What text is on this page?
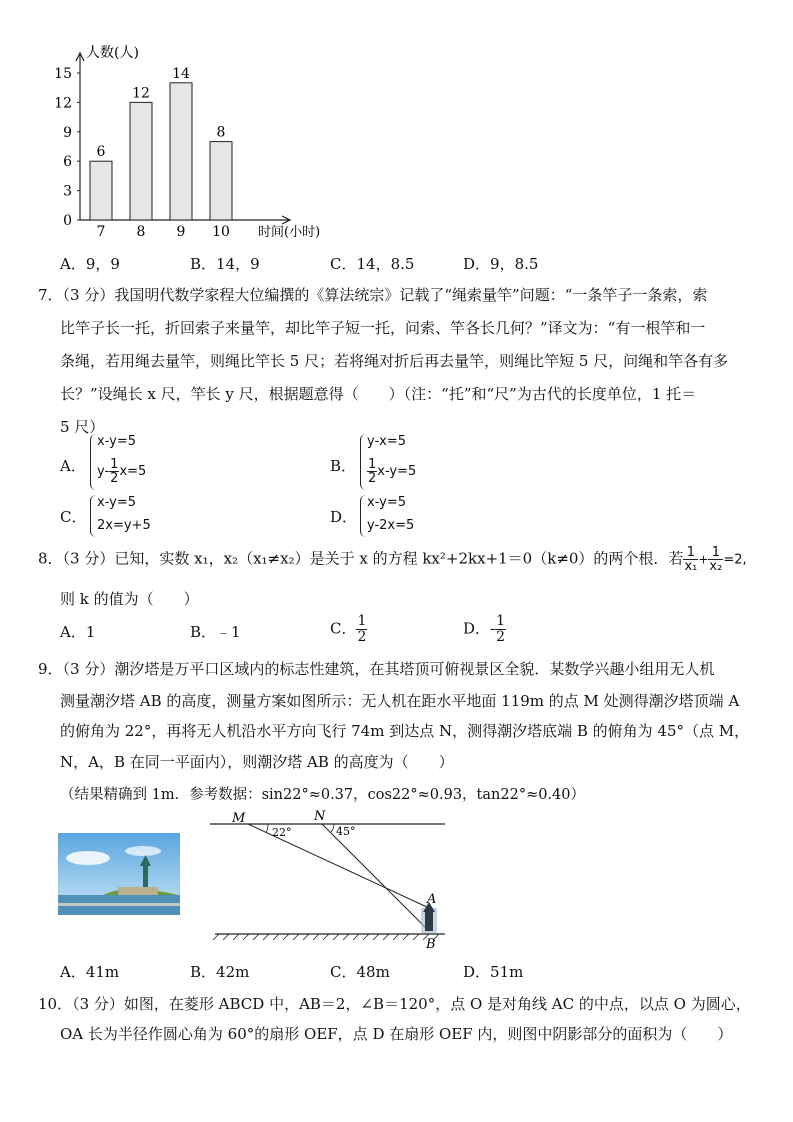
人数(人)
时间(小时)
0
3
6
9
12
15
6
7
12
8
14
9
8
10
A．9，9	B．14，9	C．14，8.5	D．9，8.5
7．（3 分）我国明代数学家程大位编撰的《算法统宗》记载了“绳索量竿”问题：“一条竿子一条索，索
比竿子长一托，折回索子来量竿，却比竿子短一托，问索、竿各长几何？”译文为：“有一根竿和一
条绳，若用绳去量竿，则绳比竿长 5 尺；若将绳对折后再去量竿，则绳比竿短 5 尺，问绳和竿各有多
长？”设绳长 x 尺，竿长 y 尺，根据题意得（　　）（注：“托”和“尺”为古代的长度单位，1 托＝
5 尺）
A．
x-y=5
$y- \frac{1}{2} x=5$	B．
y-x=5
$\frac{1}{2} x-y=5$
C．
x-y=5
2x=y+5	D．
x-y=5
y-2x=5
8．（3 分）已知，实数 x₁，x₂（x₁≠x₂）是关于 x 的方程 kx²+2kx+1＝0（k≠0）的两个根．若 $\frac{1}{\text{x₁}} + \frac{1}{\text{x₂}} =2$,
则 k 的值为（　　）
A．1	B．﹣1	C． $\frac{1}{2}$	D．- $\frac{1}{2}$
9．（3 分）潮汐塔是万平口区域内的标志性建筑，在其塔顶可俯视景区全貌．某数学兴趣小组用无人机
测量潮汐塔 AB 的高度，测量方案如图所示：无人机在距水平地面 119m 的点 M 处测得潮汐塔顶端 A
的俯角为 22°，再将无人机沿水平方向飞行 74m 到达点 N，测得潮汐塔底端 B 的俯角为 45°（点 M，
N，A，B 在同一平面内），则潮汐塔 AB 的高度为（　　）
（结果精确到 1m．参考数据：sin22°≈0.37，cos22°≈0.93，tan22°≈0.40）
M	N
A
B
22°	45°
A．41m	B．42m	C．48m	D．51m
10．（3 分）如图，在菱形 ABCD 中，AB＝2，∠B＝120°，点 O 是对角线 AC 的中点，以点 O 为圆心，
OA 长为半径作圆心角为 60°的扇形 OEF，点 D 在扇形 OEF 内，则图中阴影部分的面积为（　　）
